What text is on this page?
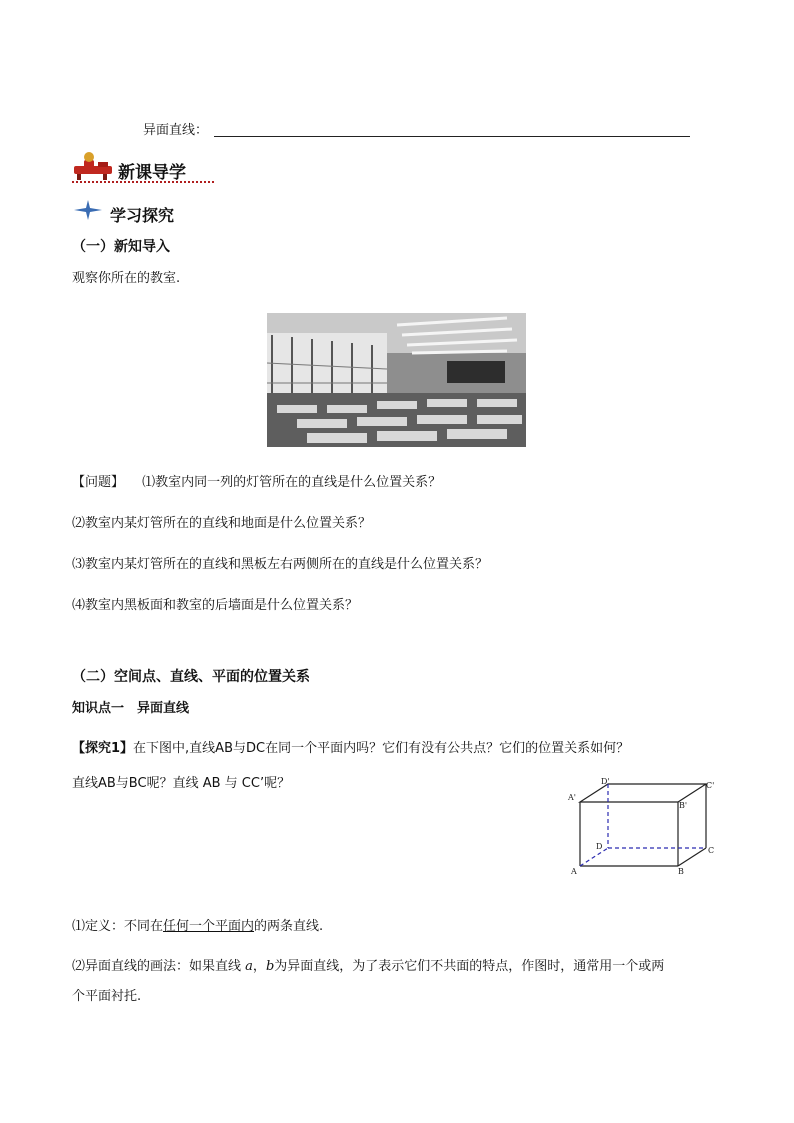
异面直线：
新课导学
学习探究
（一）新知导入
观察你所在的教室.
【问题】 ⑴教室内同一列的灯管所在的直线是什么位置关系？
⑵教室内某灯管所在的直线和地面是什么位置关系？
⑶教室内某灯管所在的直线和黑板左右两侧所在的直线是什么位置关系？
⑷教室内黑板面和教室的后墙面是什么位置关系？
（二）空间点、直线、平面的位置关系
知识点一　异面直线
【探究1】在下图中,直线AB与DC在同一个平面内吗？它们有没有公共点？它们的位置关系如何？
直线AB与BC呢？直线 AB 与 CC’呢？
A'
B'
C'
D'
A	B
C
D
⑴定义：不同在任何一个平面内的两条直线.
⑵异面直线的画法：如果直线 a，b为异面直线，为了表示它们不共面的特点，作图时，通常用一个或两
个平面衬托.
